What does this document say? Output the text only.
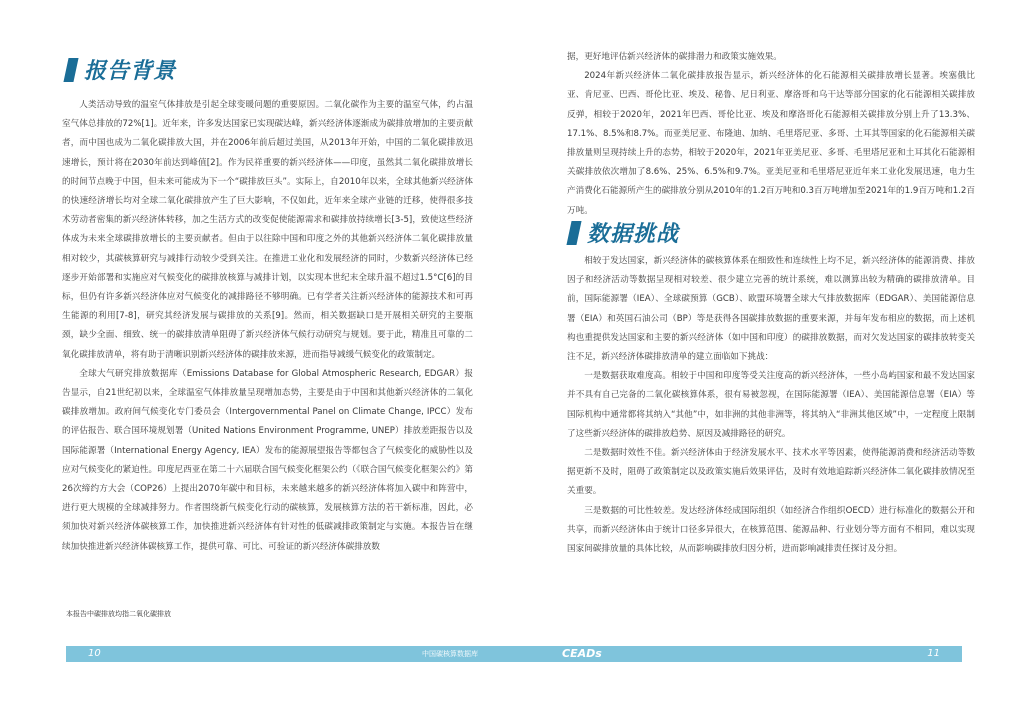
报告背景

人类活动导致的温室气体排放是引起全球变暖问题的重要原因。二氧化碳作为主要的温室气体，约占温室气体总排放的72%[1]。近年来，许多发达国家已实现碳达峰，新兴经济体逐渐成为碳排放增加的主要贡献者，而中国也成为二氧化碳排放大国，并在2006年前后超过美国，从2013年开始，中国的二氧化碳排放迅速增长，预计将在2030年前达到峰值[2]。作为民祥重要的新兴经济体——印度，虽然其二氧化碳排放增长的时间节点晚于中国，但未来可能成为下一个“碳排放巨头”。实际上，自2010年以来，全球其他新兴经济体的快速经济增长均对全球二氧化碳排放产生了巨大影响，不仅如此，近年来全球产业链的迁移，使得很多技术劳动者密集的新兴经济体转移，加之生活方式的改变促使能源需求和碳排放持续增长[3-5]，致使这些经济体成为未来全球碳排放增长的主要贡献者。但由于以往除中国和印度之外的其他新兴经济体二氧化碳排放量相对较少，其碳核算研究与减排行动较少受到关注。在推进工业化和发展经济的同时，少数新兴经济体已经逐步开始部署和实施应对气候变化的碳排放核算与减排计划，以实现本世纪末全球升温不超过1.5°C[6]的目标，但仍有许多新兴经济体应对气候变化的减排路径不够明确。已有学者关注新兴经济体的能源技术和可再生能源的利用[7-8]，研究其经济发展与碳排放的关系[9]。然而，相关数据缺口是开展相关研究的主要瓶颈，缺少全面、细致、统一的碳排放清单阻碍了新兴经济体气候行动研究与规划。要于此，精准且可靠的二氧化碳排放清单，将有助于清晰识别新兴经济体的碳排放来源，进而指导减缓气候变化的政策制定。

全球大气研究排放数据库（Emissions Database for Global Atmospheric Research, EDGAR）报告显示，自21世纪初以来，全球温室气体排放量呈现增加态势，主要是由于中国和其他新兴经济体的二氧化碳排放增加。政府间气候变化专门委员会（Intergovernmental Panel on Climate Change, IPCC）发布的评估报告、联合国环境规划署（United Nations Environment Programme, UNEP）排放差距报告以及国际能源署（International Energy Agency, IEA）发布的能源展望报告等都包含了气候变化的威胁性以及应对气候变化的紧迫性。印度尼西亚在第二十六届联合国气候变化框架公约（《联合国气候变化框架公约》第26次缔约方大会（COP26）上提出2070年碳中和目标，未来越来越多的新兴经济体将加入碳中和阵营中，进行更大规模的全球减排努力。作者围绕新气候变化行动的碳核算，发展核算方法的若干新标准，因此，必须加快对新兴经济体碳核算工作，加快推进新兴经济体有针对性的低碳减排政策制定与实施。本报告旨在继续加快推进新兴经济体碳核算工作，提供可靠、可比、可验证的新兴经济体碳排放数

本报告中碳排放均指二氧化碳排放

据，更好地评估新兴经济体的碳排潜力和政策实施效果。

2024年新兴经济体二氧化碳排放报告显示，新兴经济体的化石能源相关碳排放增长显著。埃塞俄比亚、肯尼亚、巴西、哥伦比亚、埃及、秘鲁、尼日利亚、摩洛哥和乌干达等部分国家的化石能源相关碳排放反弹，相较于2020年，2021年巴西、哥伦比亚、埃及和摩洛哥化石能源相关碳排放分别上升了13.3%、17.1%、8.5%和8.7%。而亚美尼亚、布隆迪、加纳、毛里塔尼亚、多哥、土耳其等国家的化石能源相关碳排放量则呈现持续上升的态势，相较于2020年，2021年亚美尼亚、多哥、毛里塔尼亚和土耳其化石能源相关碳排放依次增加了8.6%、25%、6.5%和9.7%。亚美尼亚和毛里塔尼亚近年来工业化发展迅速，电力生产消费化石能源所产生的碳排放分别从2010年的1.2百万吨和0.3百万吨增加至2021年的1.9百万吨和1.2百万吨。

数据挑战

相较于发达国家，新兴经济体的碳核算体系在细致性和连续性上均不足，新兴经济体的能源消费、排放因子和经济活动等数据呈现相对较差、很少建立完善的统计系统，难以测算出较为精确的碳排放清单。目前，国际能源署（IEA）、全球碳预算（GCB）、欧盟环境署全球大气排放数据库（EDGAR）、美国能源信息署（EIA）和英国石油公司（BP）等是获得各国碳排放数据的重要来源，并每年发布相应的数据，而上述机构也重提供发达国家和主要的新兴经济体（如中国和印度）的碳排放数据，而对欠发达国家的碳排放转变关注不足，新兴经济体碳排放清单的建立面临如下挑战：

一是数据获取难度高。相较于中国和印度等受关注度高的新兴经济体，一些小岛屿国家和最不发达国家并不具有自己完备的二氧化碳核算体系，很有易被忽视，在国际能源署（IEA）、美国能源信息署（EIA）等国际机构中通常都将其纳入“其他”中，如非洲的其他非洲等，将其纳入“非洲其他区域”中，一定程度上限制了这些新兴经济体的碳排放趋势、原因及减排路径的研究。

二是数据时效性不佳。新兴经济体由于经济发展水平、技术水平等因素，使得能源消费和经济活动等数据更新不及时，阻碍了政策制定以及政策实施后效果评估，及时有效地追踪新兴经济体二氧化碳排放情况至关重要。

三是数据的可比性较差。发达经济体经成国际组织（如经济合作组织OECD）进行标准化的数据公开和共享，而新兴经济体由于统计口径多异很大，在核算范围、能源品种、行业划分等方面有不相同，难以实现国家间碳排放量的具体比较，从而影响碳排放归因分析，进而影响减排责任探讨及分担。

10	中国碳核算数据库	CEADs	11
